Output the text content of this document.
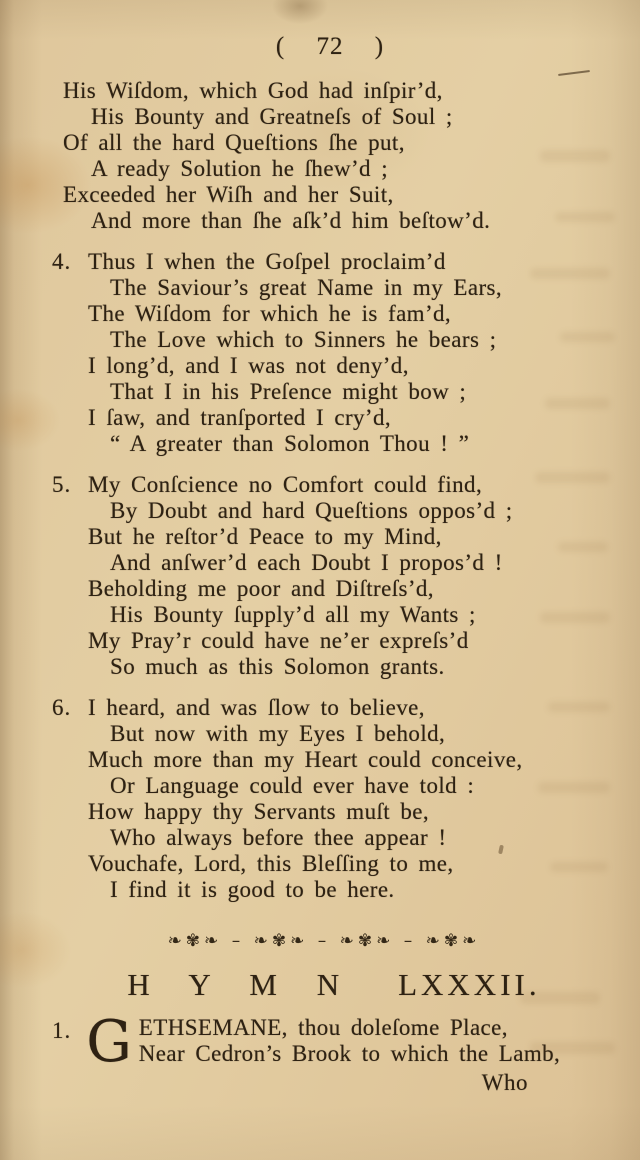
( 72 )
His Wiſdom, which God had inſpir’d,
His Bounty and Greatneſs of Soul ;
Of all the hard Queſtions ſhe put,
A ready Solution he ſhew’d ;
Exceeded her Wiſh and her Suit,
And more than ſhe aſk’d him beſtow’d.
4. Thus I when the Goſpel proclaim’d
The Saviour’s great Name in my Ears,
The Wiſdom for which he is fam’d,
The Love which to Sinners he bears ;
I long’d, and I was not deny’d,
That I in his Preſence might bow ;
I ſaw, and tranſported I cry’d,
“ A greater than Solomon Thou ! ”
5. My Conſcience no Comfort could find,
By Doubt and hard Queſtions oppos’d ;
But he reſtor’d Peace to my Mind,
And anſwer’d each Doubt I propos’d !
Beholding me poor and Diſtreſs’d,
His Bounty ſupply’d all my Wants ;
My Pray’r could have ne’er expreſs’d
So much as this Solomon grants.
6. I heard, and was ſlow to believe,
But now with my Eyes I behold,
Much more than my Heart could conceive,
Or Language could ever have told :
How happy thy Servants muſt be,
Who always before thee appear !
Vouchafe, Lord, this Bleſſing to me,
I find it is good to be here.
❧✾❧ – ❧✾❧ – ❧✾❧ – ❧✾❧
H Y M N LXXXII.
1. G ETHSEMANE, thou doleſome Place,
Near Cedron’s Brook to which the Lamb,
Who
